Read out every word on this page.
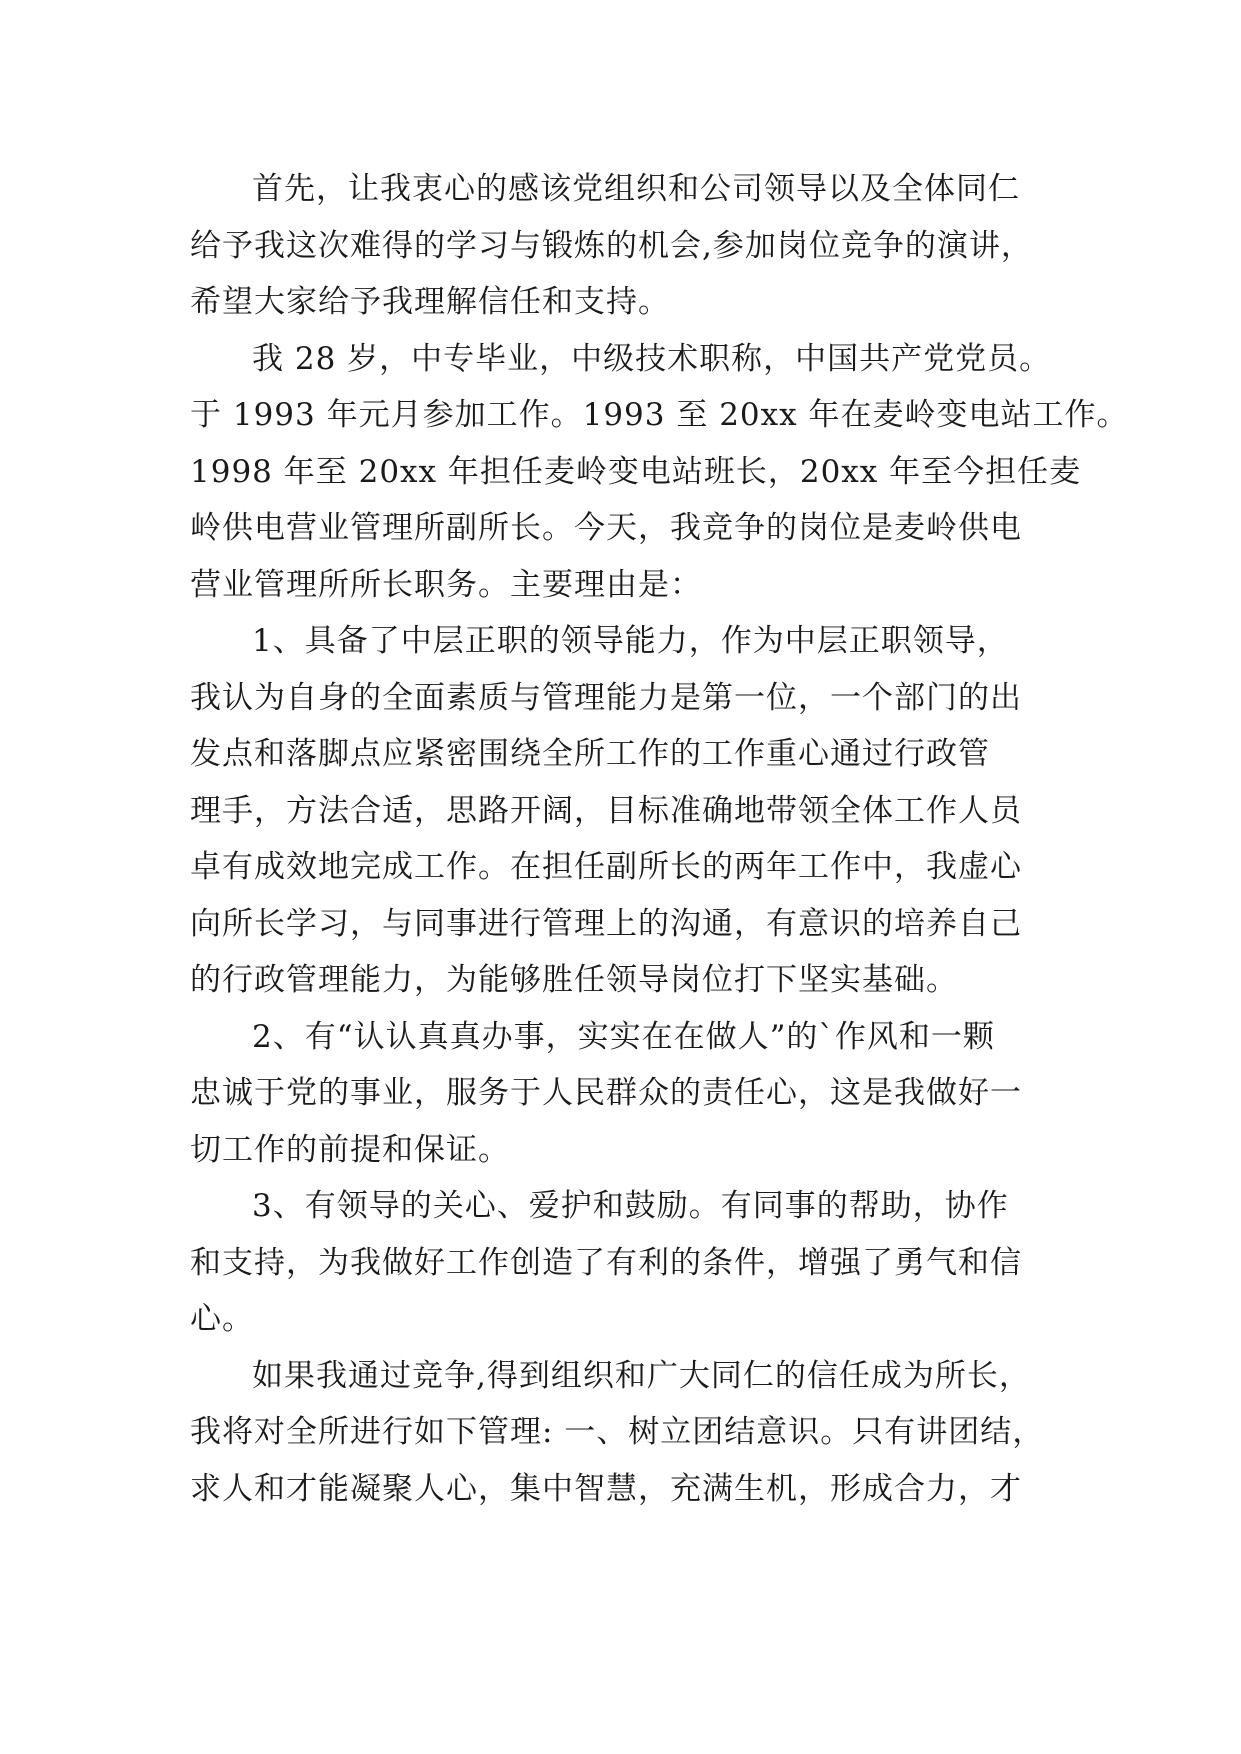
首先，让我衷心的感该党组织和公司领导以及全体同仁
给予我这次难得的学习与锻炼的机会,参加岗位竞争的演讲，
希望大家给予我理解信任和支持。
我 28 岁，中专毕业，中级技术职称，中国共产党党员。
于 1993 年元月参加工作。1993 至 20xx 年在麦岭变电站工作。
1998 年至 20xx 年担任麦岭变电站班长，20xx 年至今担任麦
岭供电营业管理所副所长。今天，我竞争的岗位是麦岭供电
营业管理所所长职务。主要理由是：
1、具备了中层正职的领导能力，作为中层正职领导，
我认为自身的全面素质与管理能力是第一位，一个部门的出
发点和落脚点应紧密围绕全所工作的工作重心通过行政管
理手，方法合适，思路开阔，目标准确地带领全体工作人员
卓有成效地完成工作。在担任副所长的两年工作中，我虚心
向所长学习，与同事进行管理上的沟通，有意识的培养自己
的行政管理能力，为能够胜任领导岗位打下坚实基础。
2、有“认认真真办事，实实在在做人”的`作风和一颗
忠诚于党的事业，服务于人民群众的责任心，这是我做好一
切工作的前提和保证。
3、有领导的关心、爱护和鼓励。有同事的帮助，协作
和支持，为我做好工作创造了有利的条件，增强了勇气和信
心。
如果我通过竞争,得到组织和广大同仁的信任成为所长，
我将对全所进行如下管理: 一、树立团结意识。只有讲团结，
求人和才能凝聚人心，集中智慧，充满生机，形成合力，才
